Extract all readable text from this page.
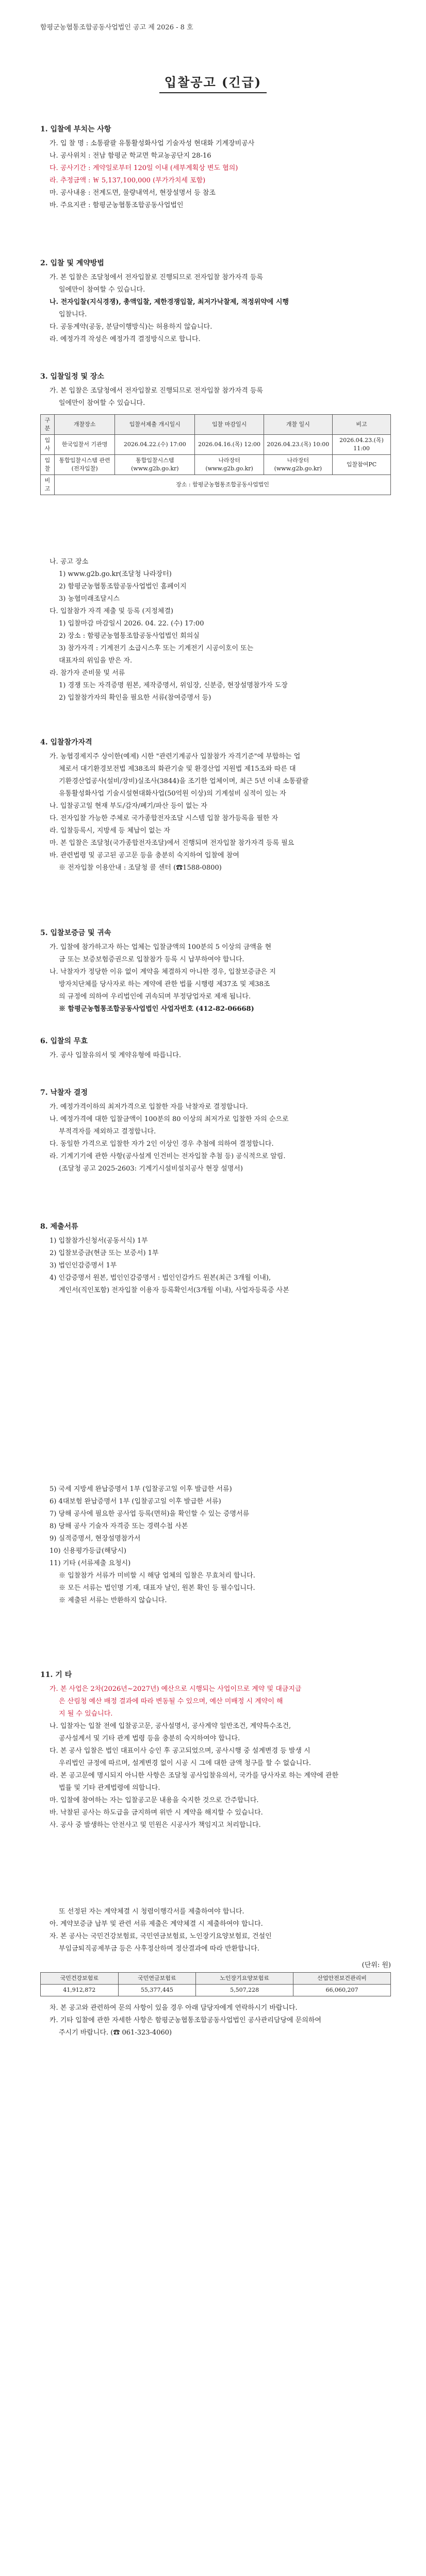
함평군농협통조합공동사업법인 공고 제 2026 - 8 호
입찰공고 (긴급)
1. 입찰에 부치는 사항
가. 입 찰 명 : 소통괄괄 유통활성화사업 기술자성 현대화 기계장비공사
나. 공사위치 : 전남 함평군 학교면 학교농공단지 28-16
다. 공사기간 : 계약일로부터 120일 이내 (세부계획상 변도 협의)
라. 추정금액 : ￦ 5,137,100,000 (부가가치세 포함)
마. 공사내용 : 전계도면, 물량내역서, 현장설명서 등 참조
바. 주요지관 : 함평군농협통조합공동사업법인
2. 입찰 및 계약방법
가. 본 입찰은 조달청에서 전자입찰로 진행되므로 전자입찰 참가자격 등록
일에만이 참여할 수 있습니다.
나. 전자입찰(지식경쟁), 총액입찰, 제한경쟁입찰, 최저가낙찰제, 적정위약에 시행
입찰니다.
다. 공동계약(공동, 분담이행방식)는 허용하지 않습니다.
라. 예정가격 작성은 예정가격 결정방식으로 합니다.
3. 입찰일정 및 장소
가. 본 입찰은 조달청에서 전자입찰로 진행되므로 전자입찰 참가자격 등록
일에만이 참여할 수 있습니다.
구분	개찰장소	입찰서제출 개시일시	입찰 마감일시	개찰 일시	비고
입사	한국입찰서 기관명	2026.04.22.(수) 17:00	2026.04.16.(목) 12:00	2026.04.23.(목) 10:00	2026.04.23.(목) 11:00
입찰	통합입찰시스템 관련(전자입찰)	통합입찰시스템 (www.g2b.go.kr)	나라장터 (www.g2b.go.kr)	나라장터 (www.g2b.go.kr)	입찰참여PC
비고	장소 : 함평군농협통조합공동사업법인				
나. 공고 장소
1) www.g2b.go.kr(조달청 나라장터)
2) 함평군농협통조합공동사업법인 홈페이지
3) 농협미래조달시스
다. 입찰참가 자격 제출 및 등록 (지정체결)
1) 입찰마감 마감일시 2026. 04. 22. (수) 17:00
2) 장소 : 함평군농협통조합공동사업법인 회의실
3) 참가자격 : 기계전기 소급시스후 또는 기계전기 시공이호이 또는
대표자의 위임을 받은 자.
라. 참가자 준비물 및 서류
1) 경쟁 또는 자격증명 원본, 제작증명서, 위임장, 신분증, 현장설명참가자 도장
2) 입찰참가자의 확인을 필요한 서류(참여증명서 등)
4. 입찰참가자격
가. 농협경제지주 상이한(예제) 시한 "관련기계공사 입찰참가 자격기준"에 부합하는 업
체로서 대기환경보전법 제38조의 화관기술 및 환경산업 지원법 제15조와 따른 대
기환경산업공사(설비/장비)실조사(3844)을 조기한 업체이며, 최근 5년 이내 소통괄괄
유통활성화사업 기술시설현대화사업(50억원 이상)의 기계설비 실적이 있는 자
나. 입찰공고일 현재 부도/감자/폐기/파산 등이 없는 자
다. 전자입찰 가능한 주체로 국가종합전자조달 시스템 입찰 참가등록을 필한 자
라. 입찰등록시, 지방세 등 체납이 없는 자
마. 본 입찰은 조달청(국가종합전자조달)에서 진행되며 전자입찰 참가자격 등록 필요
바. 관련법령 및 공고된 공고문 등을 충분히 숙지하여 입찰에 참여
※ 전자입찰 이용안내 : 조달청 콜 센터 (☎1588-0800)
5. 입찰보증금 및 귀속
가. 입찰에 참가하고자 하는 업체는 입찰금액의 100분의 5 이상의 금액을 현
금 또는 보증보험증권으로 입찰참가 등록 시 납부하여야 합니다.
나. 낙찰자가 정당한 이유 없이 계약을 체결하지 아니한 경우, 입찰보증금은 지
방자치단체를 당사자로 하는 계약에 관한 법률 시행령 제37조 및 제38조
의 규정에 의하여 우리법인에 귀속되며 부정당업자로 제재 됩니다.
※ 함평군농협통조합공동사업법인 사업자번호 (412-82-06668)
6. 입찰의 무효
가. 공사 입찰유의서 및 계약유형에 따릅니다.
7. 낙찰자 결정
가. 예정가격이하의 최저가격으로 입찰한 자를 낙찰자로 결정합니다.
나. 예정가격에 대한 입찰금액이 100분의 80 이상의 최저가로 입찰한 자의 순으로
부적격자를 제외하고 결정합니다.
다. 동일한 가격으로 입찰한 자가 2인 이상인 경우 추첨에 의하여 결정합니다.
라. 기계기기에 관한 사항(공사설계 인건비는 전자입찰 추첨 등) 공식적으로 알림.
(조달청 공고 2025-2603: 기계기시설비설치공사 현장 설명서)
8. 제출서류
1) 입찰참가신청서(공동서식) 1부
2) 입찰보증금(현금 또는 보증서) 1부
3) 법인인감증명서 1부
4) 인감증명서 원본, 법인인감증명서 : 법인인감카드 원본(최근 3개월 이내),
계인서(직인포함) 전자입찰 이용자 등록확인서(3개월 이내), 사업자등록증 사본
5) 국세 지방세 완납증명서 1부 (입찰공고일 이후 발급한 서류)
6) 4대보험 완납증명서 1부 (입찰공고일 이후 발급한 서류)
7) 당해 공사에 필요한 공사업 등록(면허)을 확인할 수 있는 증명서류
8) 당해 공사 기술자 자격증 또는 경력수첩 사본
9) 실적증명서, 현장설명참가서
10) 신용평가등급(해당시)
11) 기타 (서류제출 요청시)
※ 입찰참가 서류가 미비할 시 해당 업체의 입찰은 무효처리 합니다.
※ 모든 서류는 법인명 기재, 대표자 날인, 원본 확인 등 필수입니다.
※ 제출된 서류는 반환하지 않습니다.
11. 기 타
가. 본 사업은 2차(2026년~2027년) 예산으로 시행되는 사업이므로 계약 및 대금지급
은 산림청 예산 배정 결과에 따라 변동될 수 있으며, 예산 미배정 시 계약이 해
지 될 수 있습니다.
나. 입찰자는 입찰 전에 입찰공고문, 공사설명서, 공사계약 일반조건, 계약특수조건,
공사설계서 및 기타 관계 법령 등을 충분히 숙지하여야 합니다.
다. 본 공사 입찰은 법인 대표이사 승인 후 공고되었으며, 공사시행 중 설계변경 등 발생 시
우리법인 규정에 따르며, 설계변경 없이 시공 시 그에 대한 금액 청구를 할 수 없습니다.
라. 본 공고문에 명시되지 아니한 사항은 조달청 공사입찰유의서, 국가를 당사자로 하는 계약에 관한
법률 및 기타 관계법령에 의합니다.
마. 입찰에 참여하는 자는 입찰공고문 내용을 숙지한 것으로 간주합니다.
바. 낙찰된 공사는 하도급을 금지하며 위반 시 계약을 해지할 수 있습니다.
사. 공사 중 발생하는 안전사고 및 민원은 시공사가 책임지고 처리합니다.
또 선정된 자는 계약체결 시 청렴이행각서를 제출하여야 합니다.
아. 계약보증금 납부 및 관련 서류 제출은 계약체결 시 제출하여야 합니다.
자. 본 공사는 국민건강보험료, 국민연금보험료, 노인장기요양보험료, 건설인
부임금퇴직공제부금 등은 사후정산하며 정산결과에 따라 반환합니다.
(단위: 원)
국민건강보험료	국민연금보험료	노인장기요양보험료	산업안전보건관리비
41,912,872	55,377,445	5,507,228	66,060,207
차. 본 공고와 관련하여 문의 사항이 있을 경우 아래 담당자에게 연락하시기 바랍니다.
카. 기타 입찰에 관한 자세한 사항은 함평군농협통조합공동사업법인 공사관리담당에 문의하여
주시기 바랍니다. (☎ 061-323-4060)
